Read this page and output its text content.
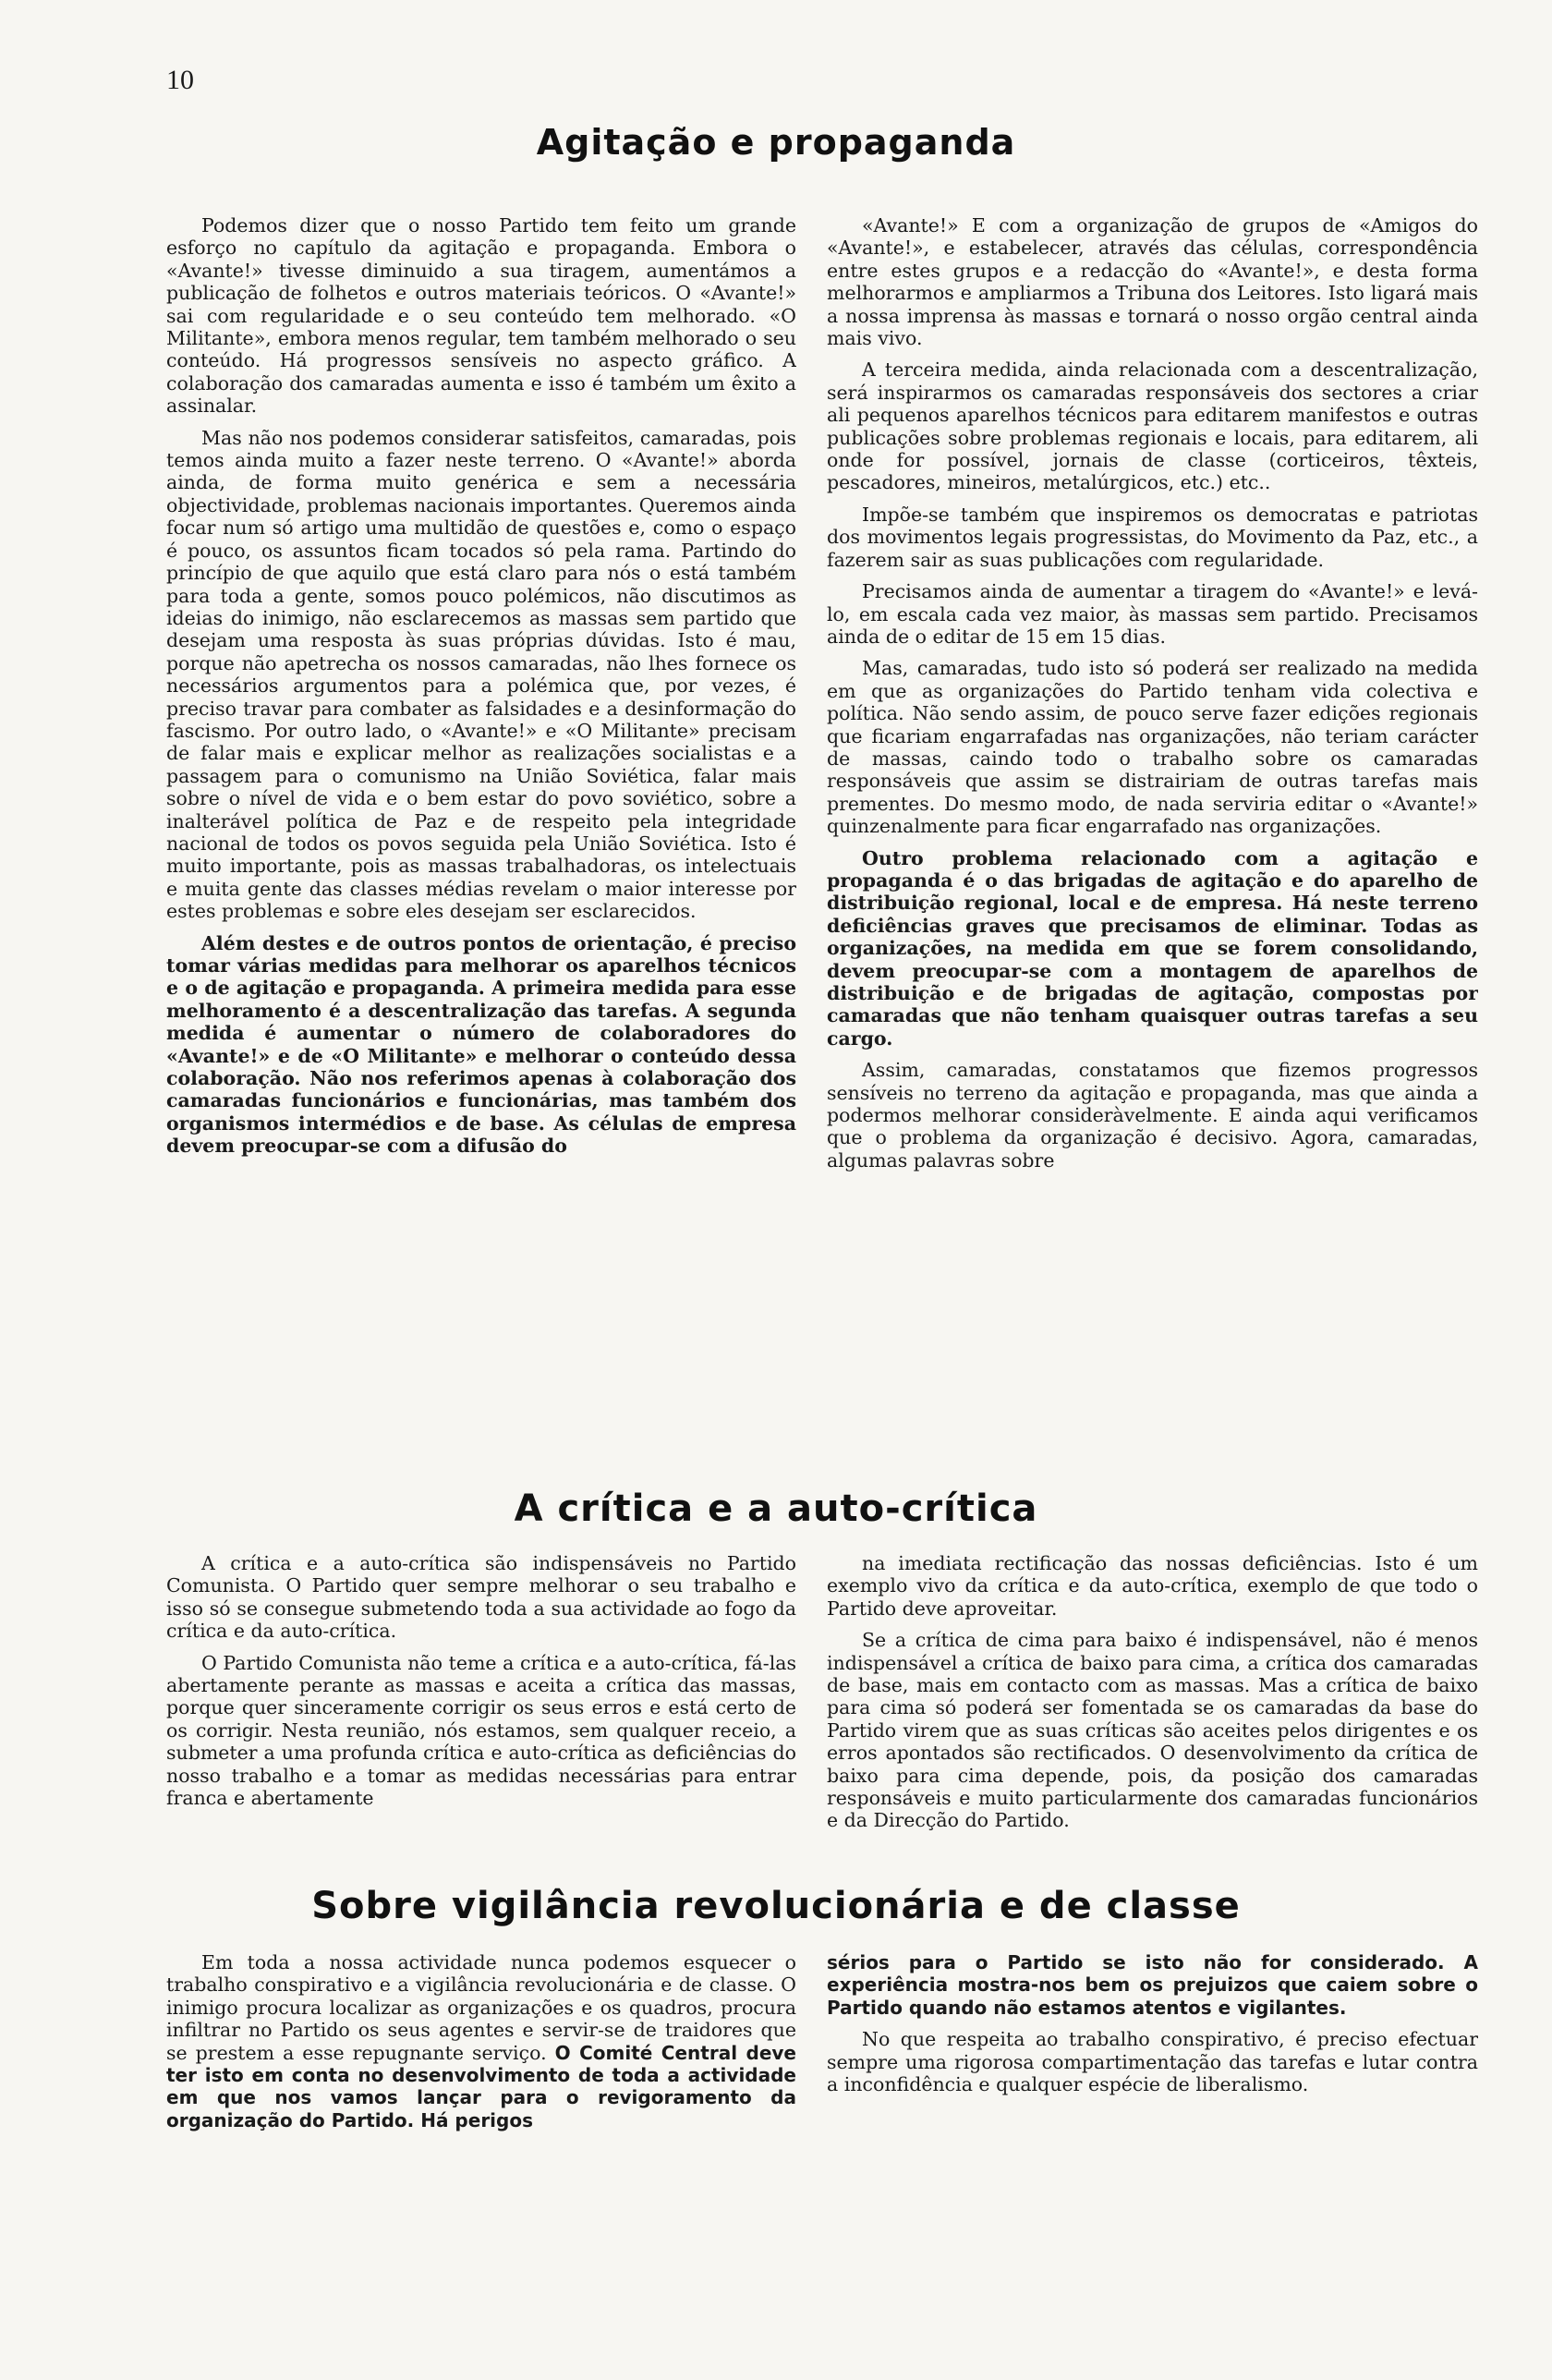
10
Agitação e propaganda

Podemos dizer que o nosso Partido tem feito um grande esforço no capítulo da agitação e propaganda. Embora o «Avante!» tivesse diminuido a sua tiragem, aumentámos a publicação de folhetos e outros materiais teóricos. O «Avante!» sai com regularidade e o seu conteúdo tem melhorado. «O Militante», embora menos regular, tem também melhorado o seu conteúdo. Há progressos sensíveis no aspecto gráfico. A colaboração dos camaradas aumenta e isso é também um êxito a assinalar.

Mas não nos podemos considerar satisfeitos, camaradas, pois temos ainda muito a fazer neste terreno. O «Avante!» aborda ainda, de forma muito genérica e sem a necessária objectividade, problemas nacionais importantes. Queremos ainda focar num só artigo uma multidão de questões e, como o espaço é pouco, os assuntos ficam tocados só pela rama. Partindo do princípio de que aquilo que está claro para nós o está também para toda a gente, somos pouco polémicos, não discutimos as ideias do inimigo, não esclarecemos as massas sem partido que desejam uma resposta às suas próprias dúvidas. Isto é mau, porque não apetrecha os nossos camaradas, não lhes fornece os necessários argumentos para a polémica que, por vezes, é preciso travar para combater as falsidades e a desinformação do fascismo. Por outro lado, o «Avante!» e «O Militante» precisam de falar mais e explicar melhor as realizações socialistas e a passagem para o comunismo na União Soviética, falar mais sobre o nível de vida e o bem estar do povo soviético, sobre a inalterável política de Paz e de respeito pela integridade nacional de todos os povos seguida pela União Soviética. Isto é muito importante, pois as massas trabalhadoras, os intelectuais e muita gente das classes médias revelam o maior interesse por estes problemas e sobre eles desejam ser esclarecidos.

Além destes e de outros pontos de orientação, é preciso tomar várias medidas para melhorar os aparelhos técnicos e o de agitação e propaganda. A primeira medida para esse melhoramento é a descentralização das tarefas. A segunda medida é aumentar o número de colaboradores do «Avante!» e de «O Militante» e melhorar o conteúdo dessa colaboração. Não nos referimos apenas à colaboração dos camaradas funcionários e funcionárias, mas também dos organismos intermédios e de base. As células de empresa devem preocupar-se com a difusão do

«Avante!» E com a organização de grupos de «Amigos do «Avante!», e estabelecer, através das células, correspondência entre estes grupos e a redacção do «Avante!», e desta forma melhorarmos e ampliarmos a Tribuna dos Leitores. Isto ligará mais a nossa imprensa às massas e tornará o nosso orgão central ainda mais vivo.

A terceira medida, ainda relacionada com a descentralização, será inspirarmos os camaradas responsáveis dos sectores a criar ali pequenos aparelhos técnicos para editarem manifestos e outras publicações sobre problemas regionais e locais, para editarem, ali onde for possível, jornais de classe (corticeiros, têxteis, pescadores, mineiros, metalúrgicos, etc.) etc..

Impõe-se também que inspiremos os democratas e patriotas dos movimentos legais progressistas, do Movimento da Paz, etc., a fazerem sair as suas publicações com regularidade.

Precisamos ainda de aumentar a tiragem do «Avante!» e levá-lo, em escala cada vez maior, às massas sem partido. Precisamos ainda de o editar de 15 em 15 dias.

Mas, camaradas, tudo isto só poderá ser realizado na medida em que as organizações do Partido tenham vida colectiva e política. Não sendo assim, de pouco serve fazer edições regionais que ficariam engarrafadas nas organizações, não teriam carácter de massas, caindo todo o trabalho sobre os camaradas responsáveis que assim se distrairiam de outras tarefas mais prementes. Do mesmo modo, de nada serviria editar o «Avante!» quinzenalmente para ficar engarrafado nas organizações.

Outro problema relacionado com a agitação e propaganda é o das brigadas de agitação e do aparelho de distribuição regional, local e de empresa. Há neste terreno deficiências graves que precisamos de eliminar. Todas as organizações, na medida em que se forem consolidando, devem preocupar-se com a montagem de aparelhos de distribuição e de brigadas de agitação, compostas por camaradas que não tenham quaisquer outras tarefas a seu cargo.

Assim, camaradas, constatamos que fizemos progressos sensíveis no terreno da agitação e propaganda, mas que ainda a podermos melhorar consideràvelmente. E ainda aqui verificamos que o problema da organização é decisivo. Agora, camaradas, algumas palavras sobre

A crítica e a auto-crítica

A crítica e a auto-crítica são indispensáveis no Partido Comunista. O Partido quer sempre melhorar o seu trabalho e isso só se consegue submetendo toda a sua actividade ao fogo da crítica e da auto-crítica.

O Partido Comunista não teme a crítica e a auto-crítica, fá-las abertamente perante as massas e aceita a crítica das massas, porque quer sinceramente corrigir os seus erros e está certo de os corrigir. Nesta reunião, nós estamos, sem qualquer receio, a submeter a uma profunda crítica e auto-crítica as deficiências do nosso trabalho e a tomar as medidas necessárias para entrar franca e abertamente

na imediata rectificação das nossas deficiências. Isto é um exemplo vivo da crítica e da auto-crítica, exemplo de que todo o Partido deve aproveitar.

Se a crítica de cima para baixo é indispensável, não é menos indispensável a crítica de baixo para cima, a crítica dos camaradas de base, mais em contacto com as massas. Mas a crítica de baixo para cima só poderá ser fomentada se os camaradas da base do Partido virem que as suas críticas são aceites pelos dirigentes e os erros apontados são rectificados. O desenvolvimento da crítica de baixo para cima depende, pois, da posição dos camaradas responsáveis e muito particularmente dos camaradas funcionários e da Direcção do Partido.

Sobre vigilância revolucionária e de classe

Em toda a nossa actividade nunca podemos esquecer o trabalho conspirativo e a vigilância revolucionária e de classe. O inimigo procura localizar as organizações e os quadros, procura infiltrar no Partido os seus agentes e servir-se de traidores que se prestem a esse repugnante serviço. O Comité Central deve ter isto em conta no desenvolvimento de toda a actividade em que nos vamos lançar para o revigoramento da organização do Partido. Há perigos

sérios para o Partido se isto não for considerado. A experiência mostra-nos bem os prejuizos que caiem sobre o Partido quando não estamos atentos e vigilantes.

No que respeita ao trabalho conspirativo, é preciso efectuar sempre uma rigorosa compartimentação das tarefas e lutar contra a inconfidência e qualquer espécie de liberalismo.
